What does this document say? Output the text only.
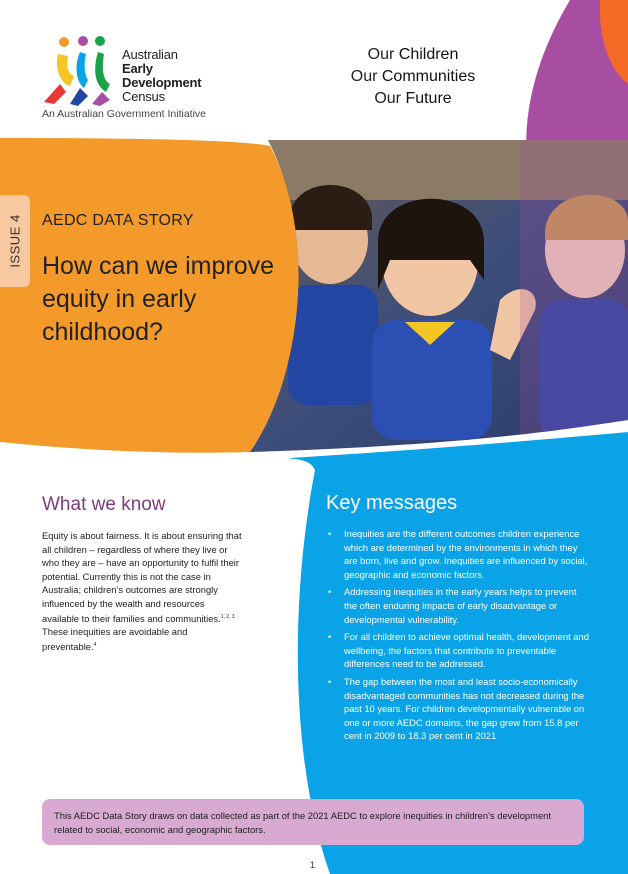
Australian
Early
Development
Census
An Australian Government Initiative
Our Children
Our Communities
Our Future
ISSUE 4 AEDC DATA STORY
How can we improve equity in early childhood?
What we know

Equity is about fairness. It is about ensuring that all children – regardless of where they live or who they are – have an opportunity to fulfil their potential. Currently this is not the case in Australia; children’s outcomes are strongly influenced by the wealth and resources available to their families and communities.$^{1, 2, 3}$ These inequities are avoidable and preventable.$^4$

Key messages
• Inequities are the different outcomes children experience which are determined by the environments in which they are born, live and grow. Inequities are influenced by social, geographic and economic factors.
• Addressing inequities in the early years helps to prevent the often enduring impacts of early disadvantage or developmental vulnerability.
• For all children to achieve optimal health, development and wellbeing, the factors that contribute to preventable differences need to be addressed.
• The gap between the most and least socio-economically disadvantaged communities has not decreased during the past 10 years. For children developmentally vulnerable on one or more AEDC domains, the gap grew from 15.8 per cent in 2009 to 18.3 per cent in 2021.
This AEDC Data Story draws on data collected as part of the 2021 AEDC to explore inequities in children’s development related to social, economic and geographic factors.
1
